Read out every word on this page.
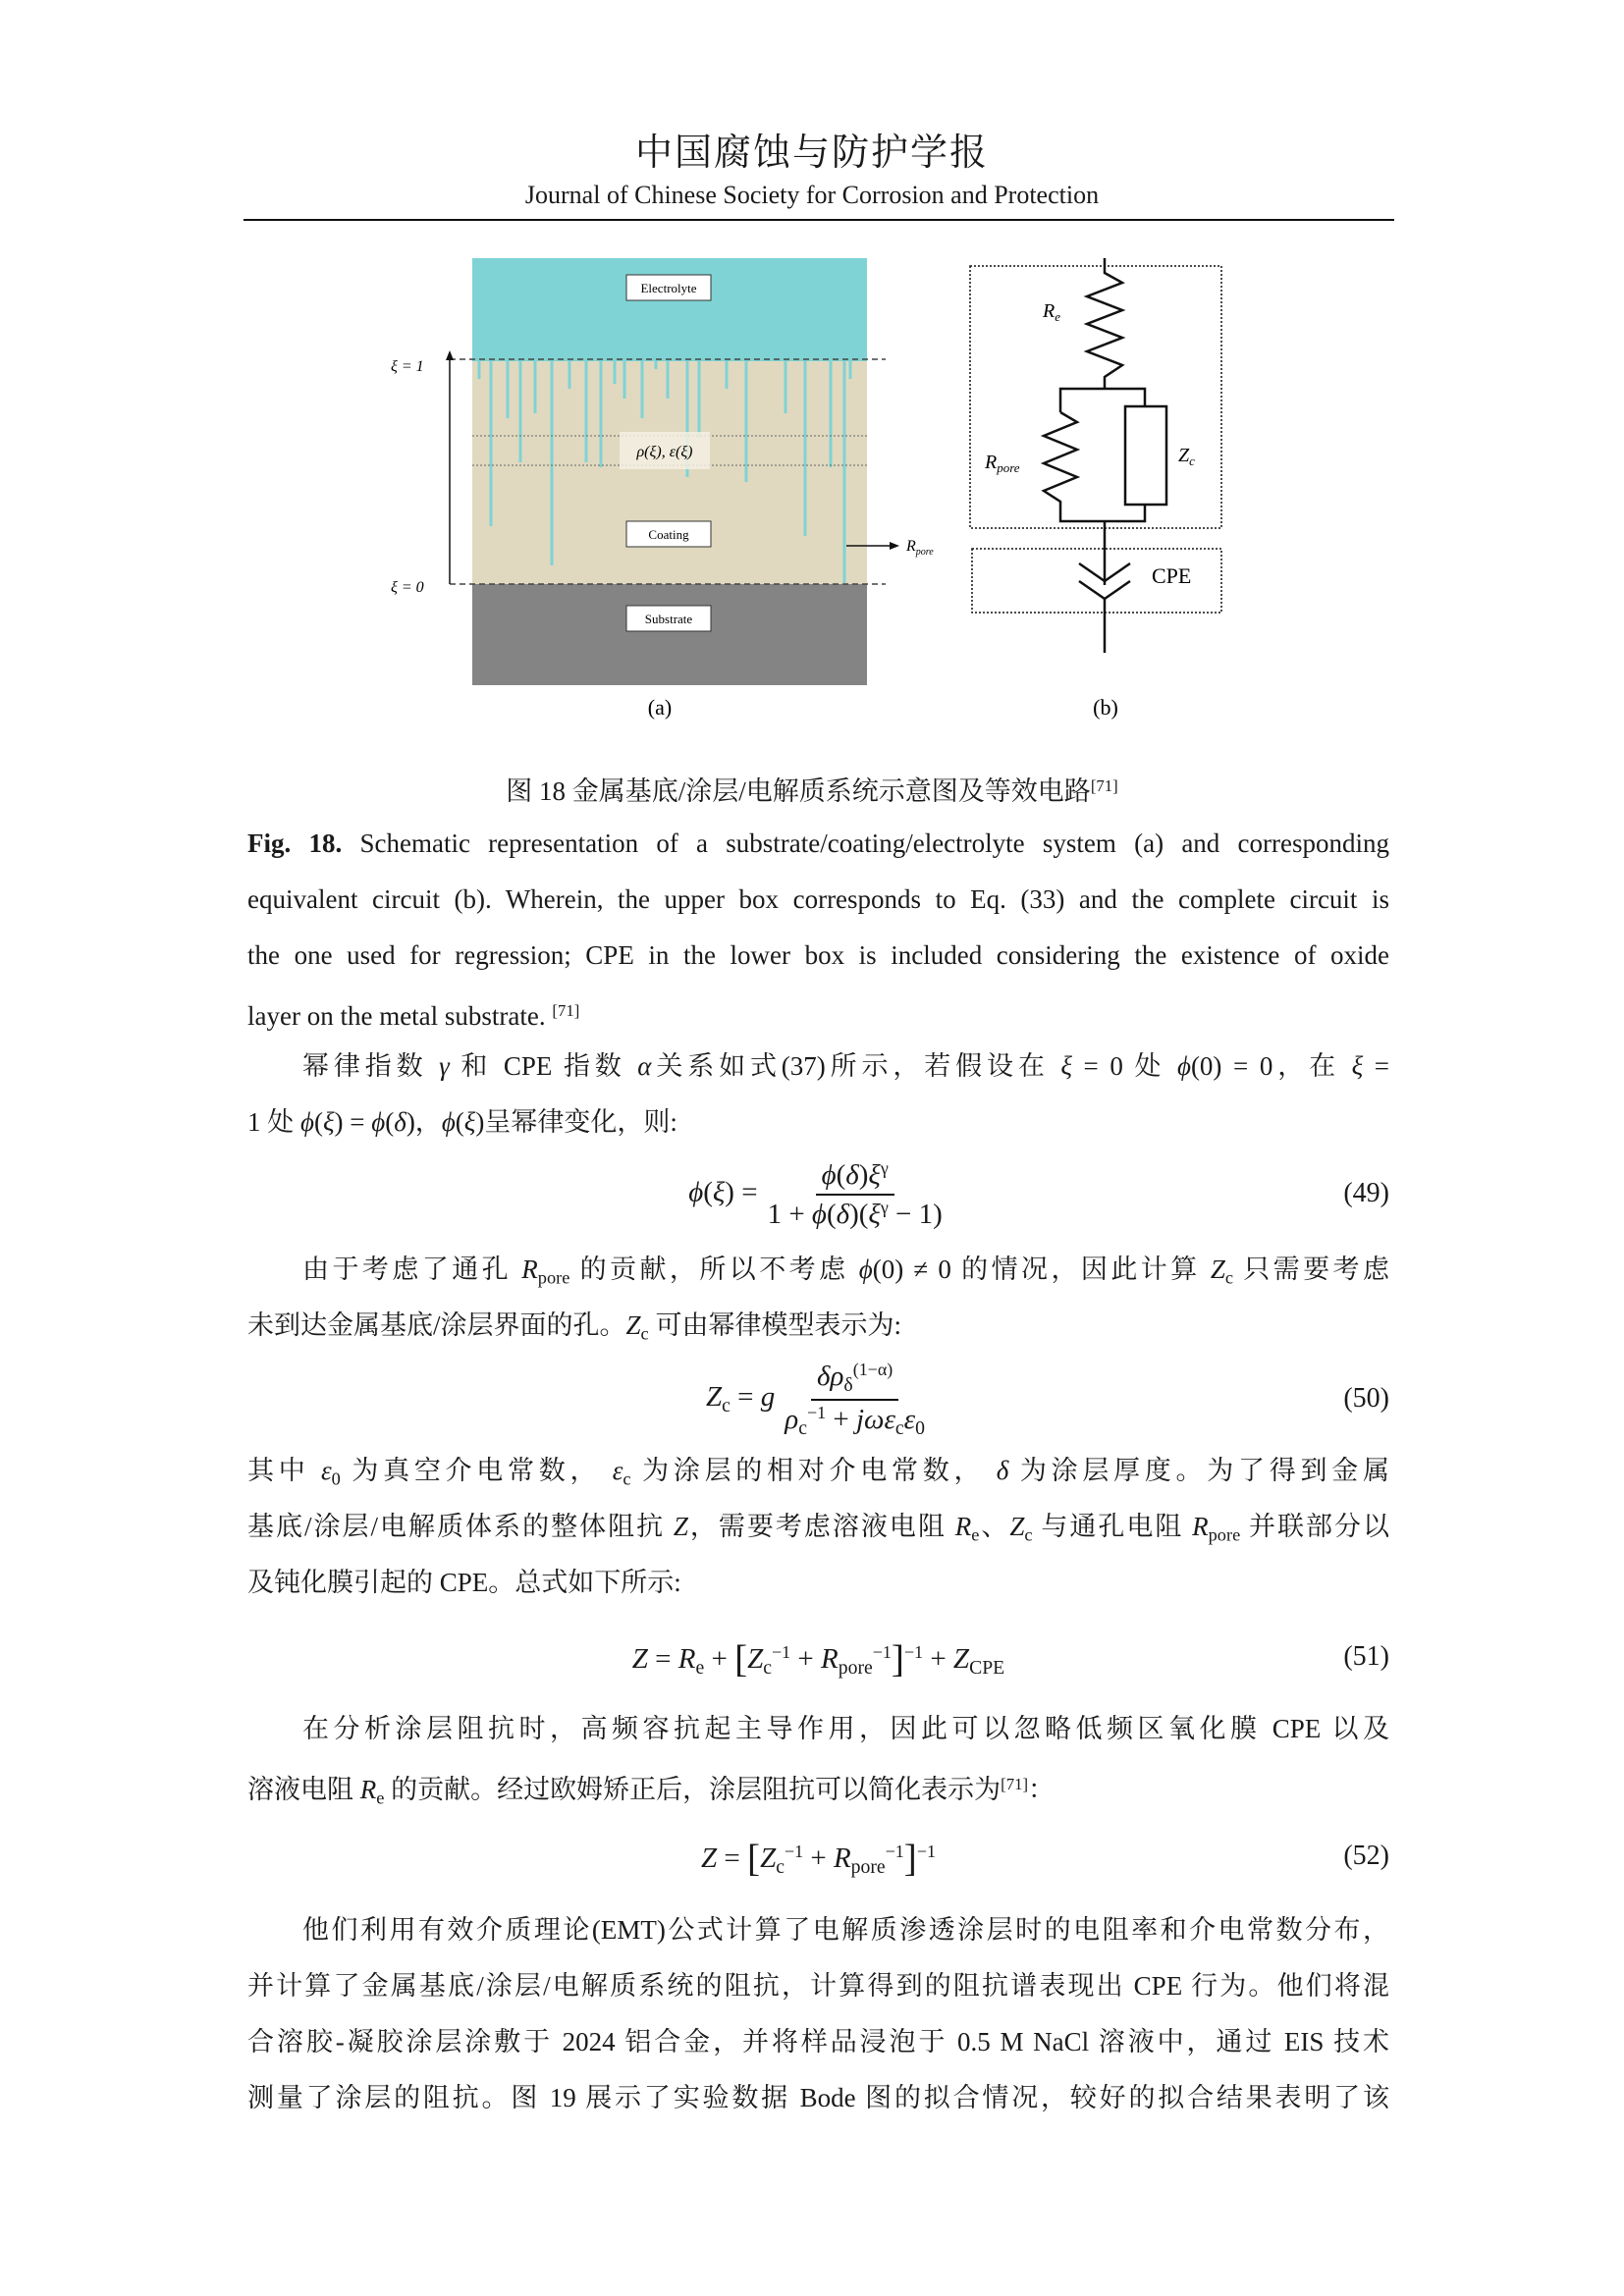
中国腐蚀与防护学报
Journal of Chinese Society for Corrosion and Protection
ξ = 1
ξ = 0
Electrolyte
ρ(ξ), ε(ξ)
Coating
Substrate
$R_{pore}$
(a)
$R_e$
$R_{pore}$
$Z_c$
CPE
(b)
图 18 金属基底/涂层/电解质系统示意图及等效电路[71]
Fig. 18. Schematic representation of a substrate/coating/electrolyte system (a) and corresponding
equivalent circuit (b). Wherein, the upper box corresponds to Eq. (33) and the complete circuit is
the one used for regression; CPE in the lower box is included considering the existence of oxide
layer on the metal substrate. [71]
幂律指数 γ 和 CPE 指数 α关系如式(37)所示，若假设在 ξ = 0 处 ϕ(0) = 0，在 ξ =
1 处 ϕ(ξ) = ϕ(δ)，ϕ(ξ)呈幂律变化，则:
$\phi(\xi) = \frac{\phi(\delta)\xi^\gamma}{1 + \phi(\delta)(\xi^\gamma - 1)}$	(49)
由于考虑了通孔 $R_{pore}$ 的贡献，所以不考虑 ϕ(0) ≠ 0 的情况，因此计算 $Z_c$ 只需要考虑
未到达金属基底/涂层界面的孔。$Z_c$ 可由幂律模型表示为:
$Z_c = g \frac{\delta\rho_\delta^{(1-\alpha)}}{\rho_c^{-1} + j\omega\varepsilon_c\varepsilon_0}$	(50)
其中 $\varepsilon_0$ 为真空介电常数， $\varepsilon_c$ 为涂层的相对介电常数， δ 为涂层厚度。为了得到金属
基底/涂层/电解质体系的整体阻抗 Z，需要考虑溶液电阻 $R_e$、$Z_c$ 与通孔电阻 $R_{pore}$ 并联部分以
及钝化膜引起的 CPE。总式如下所示:
$Z = R_e + [Z_c^{-1} + R_{pore}^{-1}]^{-1} + Z_{CPE}$	(51)
在分析涂层阻抗时，高频容抗起主导作用，因此可以忽略低频区氧化膜 CPE 以及
溶液电阻 $R_e$ 的贡献。经过欧姆矫正后，涂层阻抗可以简化表示为[71]：
$Z = [Z_c^{-1} + R_{pore}^{-1}]^{-1}$	(52)
他们利用有效介质理论(EMT)公式计算了电解质渗透涂层时的电阻率和介电常数分布，
并计算了金属基底/涂层/电解质系统的阻抗，计算得到的阻抗谱表现出 CPE 行为。他们将混
合溶胶-凝胶涂层涂敷于 2024 铝合金，并将样品浸泡于 0.5 M NaCl 溶液中，通过 EIS 技术
测量了涂层的阻抗。图 19 展示了实验数据 Bode 图的拟合情况，较好的拟合结果表明了该
